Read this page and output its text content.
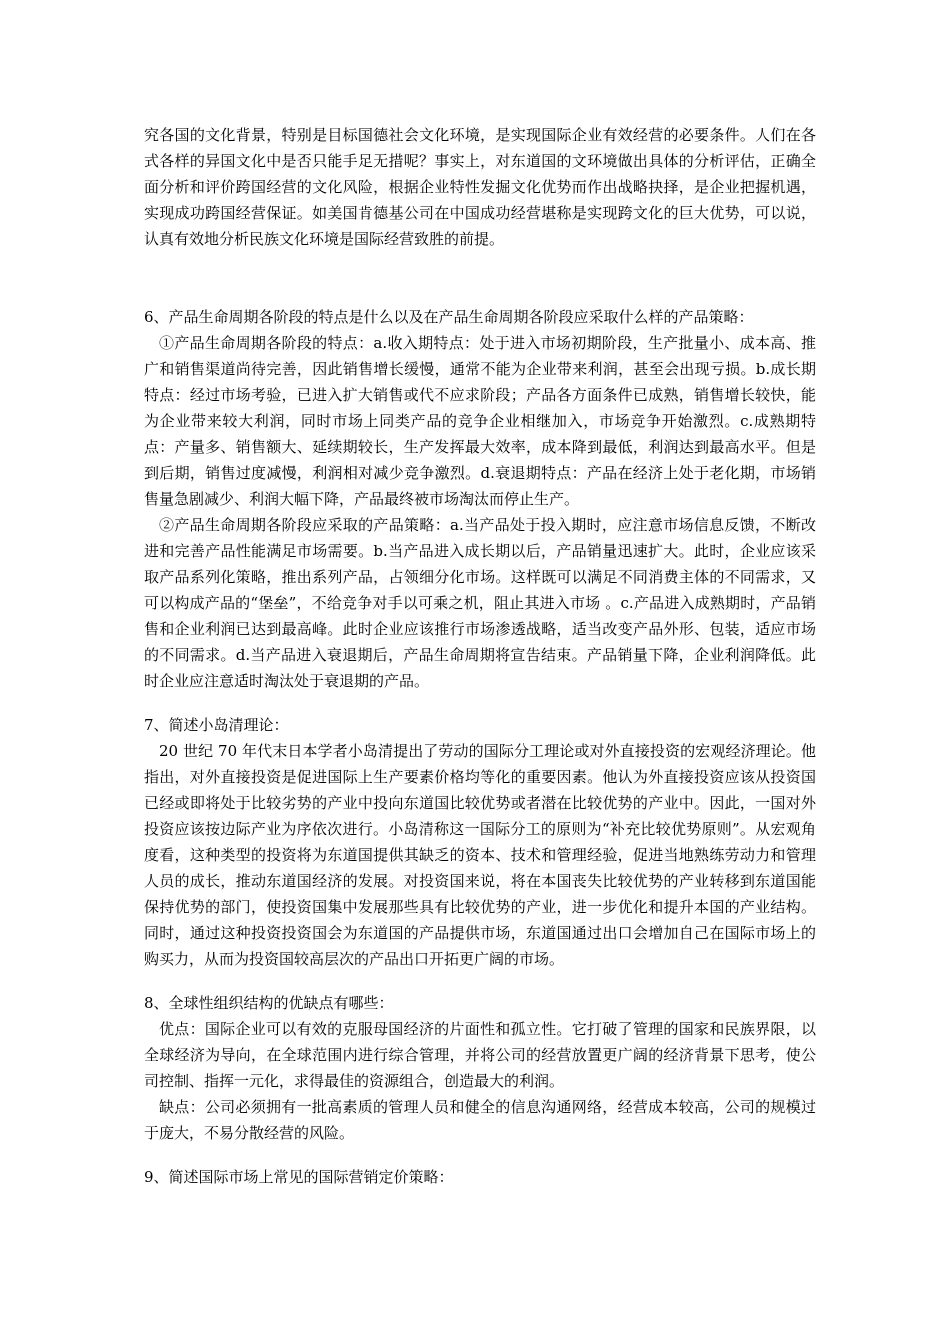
究各国的文化背景，特别是目标国德社会文化环境，是实现国际企业有效经营的必要条件。人们在各式各样的异国文化中是否只能手足无措呢？事实上，对东道国的文环境做出具体的分析评估，正确全面分析和评价跨国经营的文化风险，根据企业特性发掘文化优势而作出战略抉择，是企业把握机遇，实现成功跨国经营保证。如美国肯德基公司在中国成功经营堪称是实现跨文化的巨大优势，可以说，认真有效地分析民族文化环境是国际经营致胜的前提。

6、产品生命周期各阶段的特点是什么以及在产品生命周期各阶段应采取什么样的产品策略：

①产品生命周期各阶段的特点：a.收入期特点：处于进入市场初期阶段，生产批量小、成本高、推广和销售渠道尚待完善，因此销售增长缓慢，通常不能为企业带来利润，甚至会出现亏损。b.成长期特点：经过市场考验，已进入扩大销售或代不应求阶段；产品各方面条件已成熟，销售增长较快，能为企业带来较大利润，同时市场上同类产品的竞争企业相继加入，市场竞争开始激烈。c.成熟期特点：产量多、销售额大、延续期较长，生产发挥最大效率，成本降到最低，利润达到最高水平。但是到后期，销售过度减慢，利润相对减少竞争激烈。d.衰退期特点：产品在经济上处于老化期，市场销售量急剧减少、利润大幅下降，产品最终被市场淘汰而停止生产。

②产品生命周期各阶段应采取的产品策略：a.当产品处于投入期时，应注意市场信息反馈，不断改进和完善产品性能满足市场需要。b.当产品进入成长期以后，产品销量迅速扩大。此时，企业应该采取产品系列化策略，推出系列产品，占领细分化市场。这样既可以满足不同消费主体的不同需求，又可以构成产品的“堡垒”，不给竞争对手以可乘之机，阻止其进入市场 。c.产品进入成熟期时，产品销售和企业利润已达到最高峰。此时企业应该推行市场渗透战略，适当改变产品外形、包装，适应市场的不同需求。d.当产品进入衰退期后，产品生命周期将宣告结束。产品销量下降，企业利润降低。此时企业应注意适时淘汰处于衰退期的产品。

7、简述小岛清理论：

20 世纪 70 年代末日本学者小岛清提出了劳动的国际分工理论或对外直接投资的宏观经济理论。他指出，对外直接投资是促进国际上生产要素价格均等化的重要因素。他认为外直接投资应该从投资国已经或即将处于比较劣势的产业中投向东道国比较优势或者潜在比较优势的产业中。因此，一国对外投资应该按边际产业为序依次进行。小岛清称这一国际分工的原则为“补充比较优势原则”。从宏观角度看，这种类型的投资将为东道国提供其缺乏的资本、技术和管理经验，促进当地熟练劳动力和管理人员的成长，推动东道国经济的发展。对投资国来说，将在本国丧失比较优势的产业转移到东道国能保持优势的部门，使投资国集中发展那些具有比较优势的产业，进一步优化和提升本国的产业结构。同时，通过这种投资投资国会为东道国的产品提供市场，东道国通过出口会增加自己在国际市场上的购买力，从而为投资国较高层次的产品出口开拓更广阔的市场。

8、全球性组织结构的优缺点有哪些：

优点：国际企业可以有效的克服母国经济的片面性和孤立性。它打破了管理的国家和民族界限，以全球经济为导向，在全球范围内进行综合管理，并将公司的经营放置更广阔的经济背景下思考，使公司控制、指挥一元化，求得最佳的资源组合，创造最大的利润。

缺点：公司必须拥有一批高素质的管理人员和健全的信息沟通网络，经营成本较高，公司的规模过于庞大，不易分散经营的风险。

9、简述国际市场上常见的国际营销定价策略：
